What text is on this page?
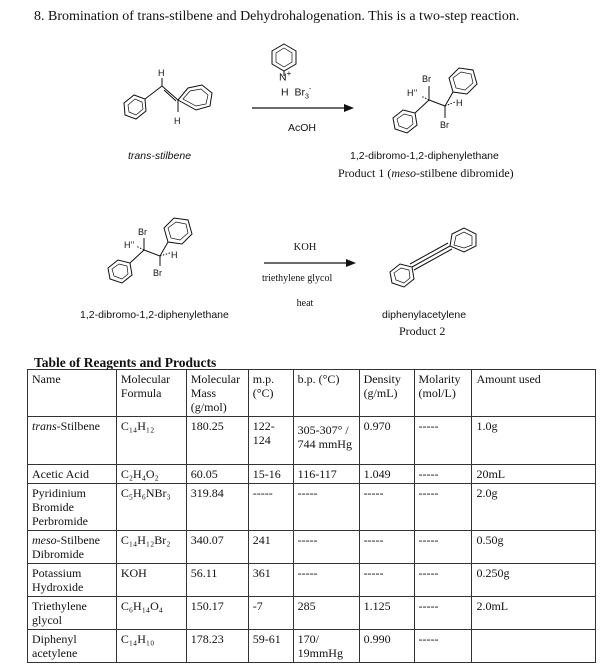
8. Bromination of trans-stilbene and Dehydrohalogenation. This is a two-step reaction.
H
H
trans-stilbene
N+
H $Br_3^-$
AcOH
Br
H’’
H
Br
1,2-dibromo-1,2-diphenylethane
Product 1 (meso-stilbene dibromide)
Br
H’’
H
Br
1,2-dibromo-1,2-diphenylethane
KOH
triethylene glycol
heat
diphenylacetylene
Product 2
Table of Reagents and Products
Name	Molecular Formula	Molecular Mass (g/mol)	m.p. (°C)	b.p. (°C)	Density (g/mL)	Molarity (mol/L)	Amount used
trans-Stilbene	C₁₄H₁₂	180.25	122-124	305-307° / 744 mmHg	0.970	-----	1.0g
Acetic Acid	C₂H₄O₂	60.05	15-16	116-117	1.049	-----	20mL
Pyridinium Bromide Perbromide	C₅H₆NBr₃	319.84	-----	-----	-----	-----	2.0g
meso-Stilbene Dibromide	C₁₄H₁₂Br₂	340.07	241	-----	-----	-----	0.50g
Potassium Hydroxide	KOH	56.11	361	-----	-----	-----	0.250g
Triethylene glycol	C₆H₁₄O₄	150.17	-7	285	1.125	-----	2.0mL
Diphenyl acetylene	C₁₄H₁₀	178.23	59-61	170/ 19mmHg	0.990	-----	
